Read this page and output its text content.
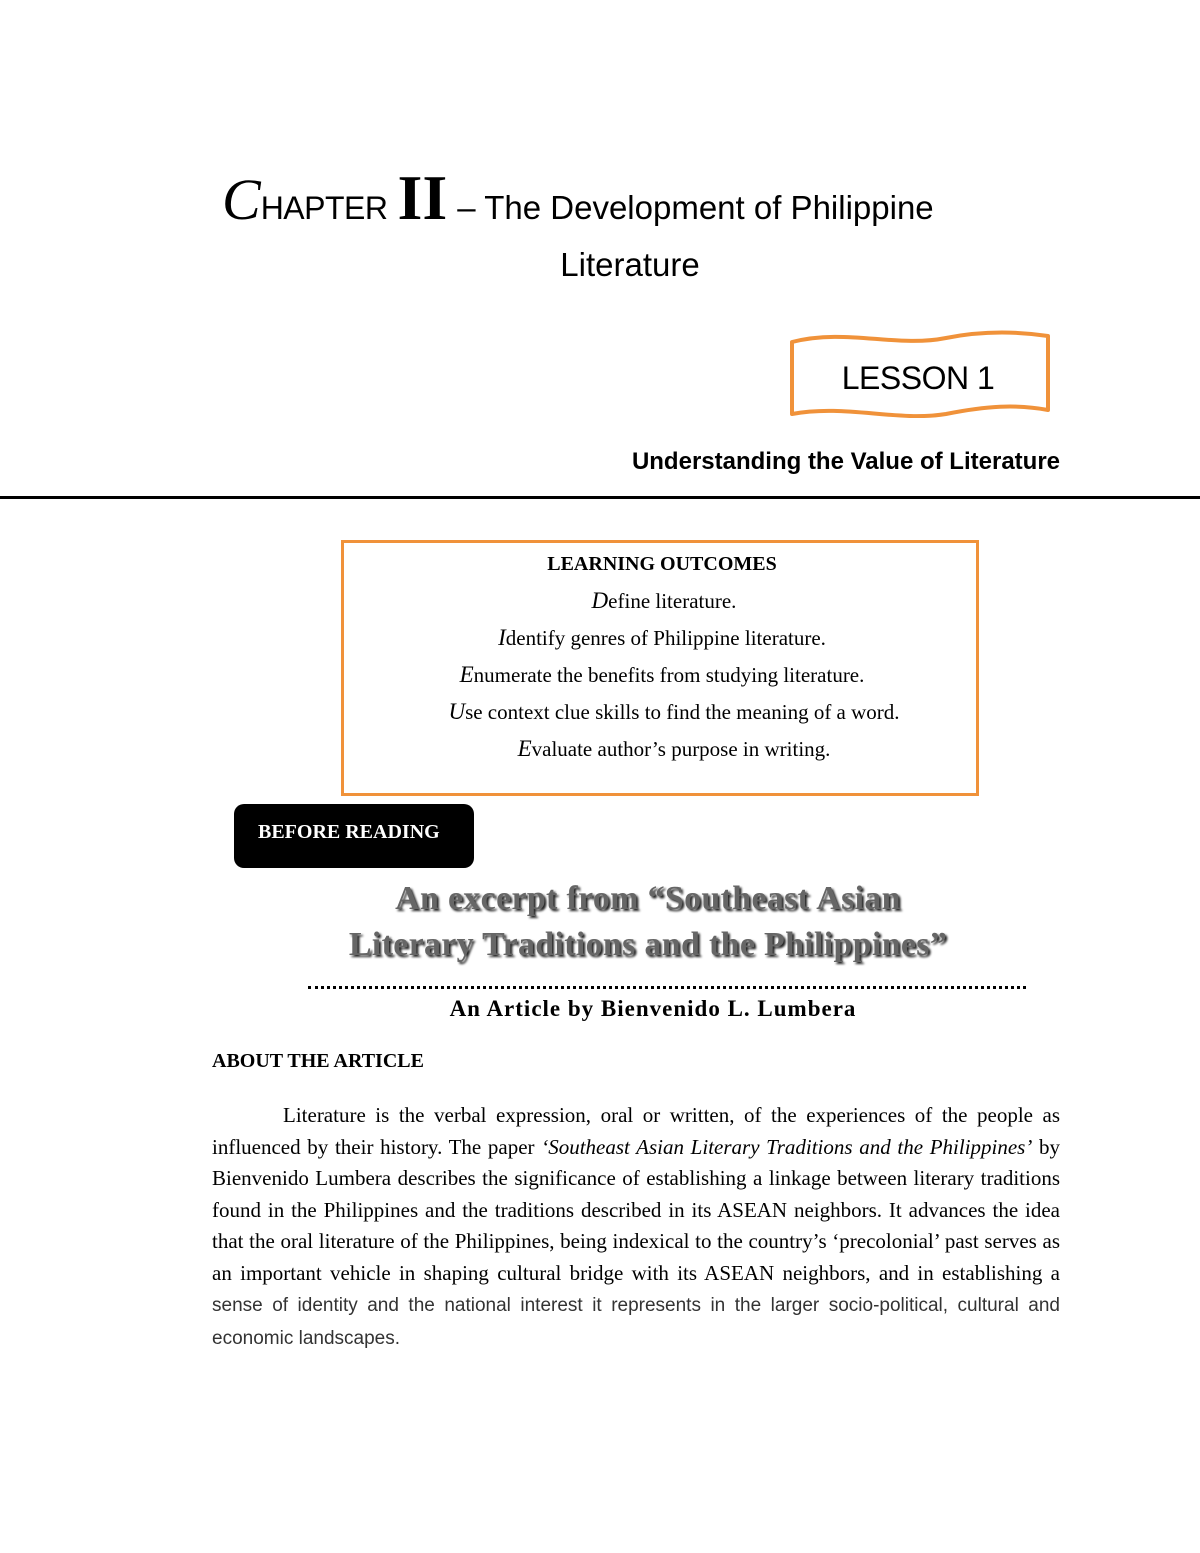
CHAPTER II – The Development of Philippine
Literature
LESSON 1
Understanding the Value of Literature
LEARNING OUTCOMES
Define literature.
Identify genres of Philippine literature.
Enumerate the benefits from studying literature.
Use context clue skills to find the meaning of a word.
Evaluate author’s purpose in writing.
BEFORE READING
An excerpt from “Southeast Asian
Literary Traditions and the Philippines”
An Article by Bienvenido L. Lumbera
ABOUT THE ARTICLE

Literature is the verbal expression, oral or written, of the experiences of the people as influenced by their history. The paper ‘Southeast Asian Literary Traditions and the Philippines’ by Bienvenido Lumbera describes the significance of establishing a linkage between literary traditions found in the Philippines and the traditions described in its ASEAN neighbors. It advances the idea that the oral literature of the Philippines, being indexical to the country’s ‘precolonial’ past serves as an important vehicle in shaping cultural bridge with its ASEAN neighbors, and in establishing a sense of identity and the national interest it represents in the larger socio-political, cultural and economic landscapes.
